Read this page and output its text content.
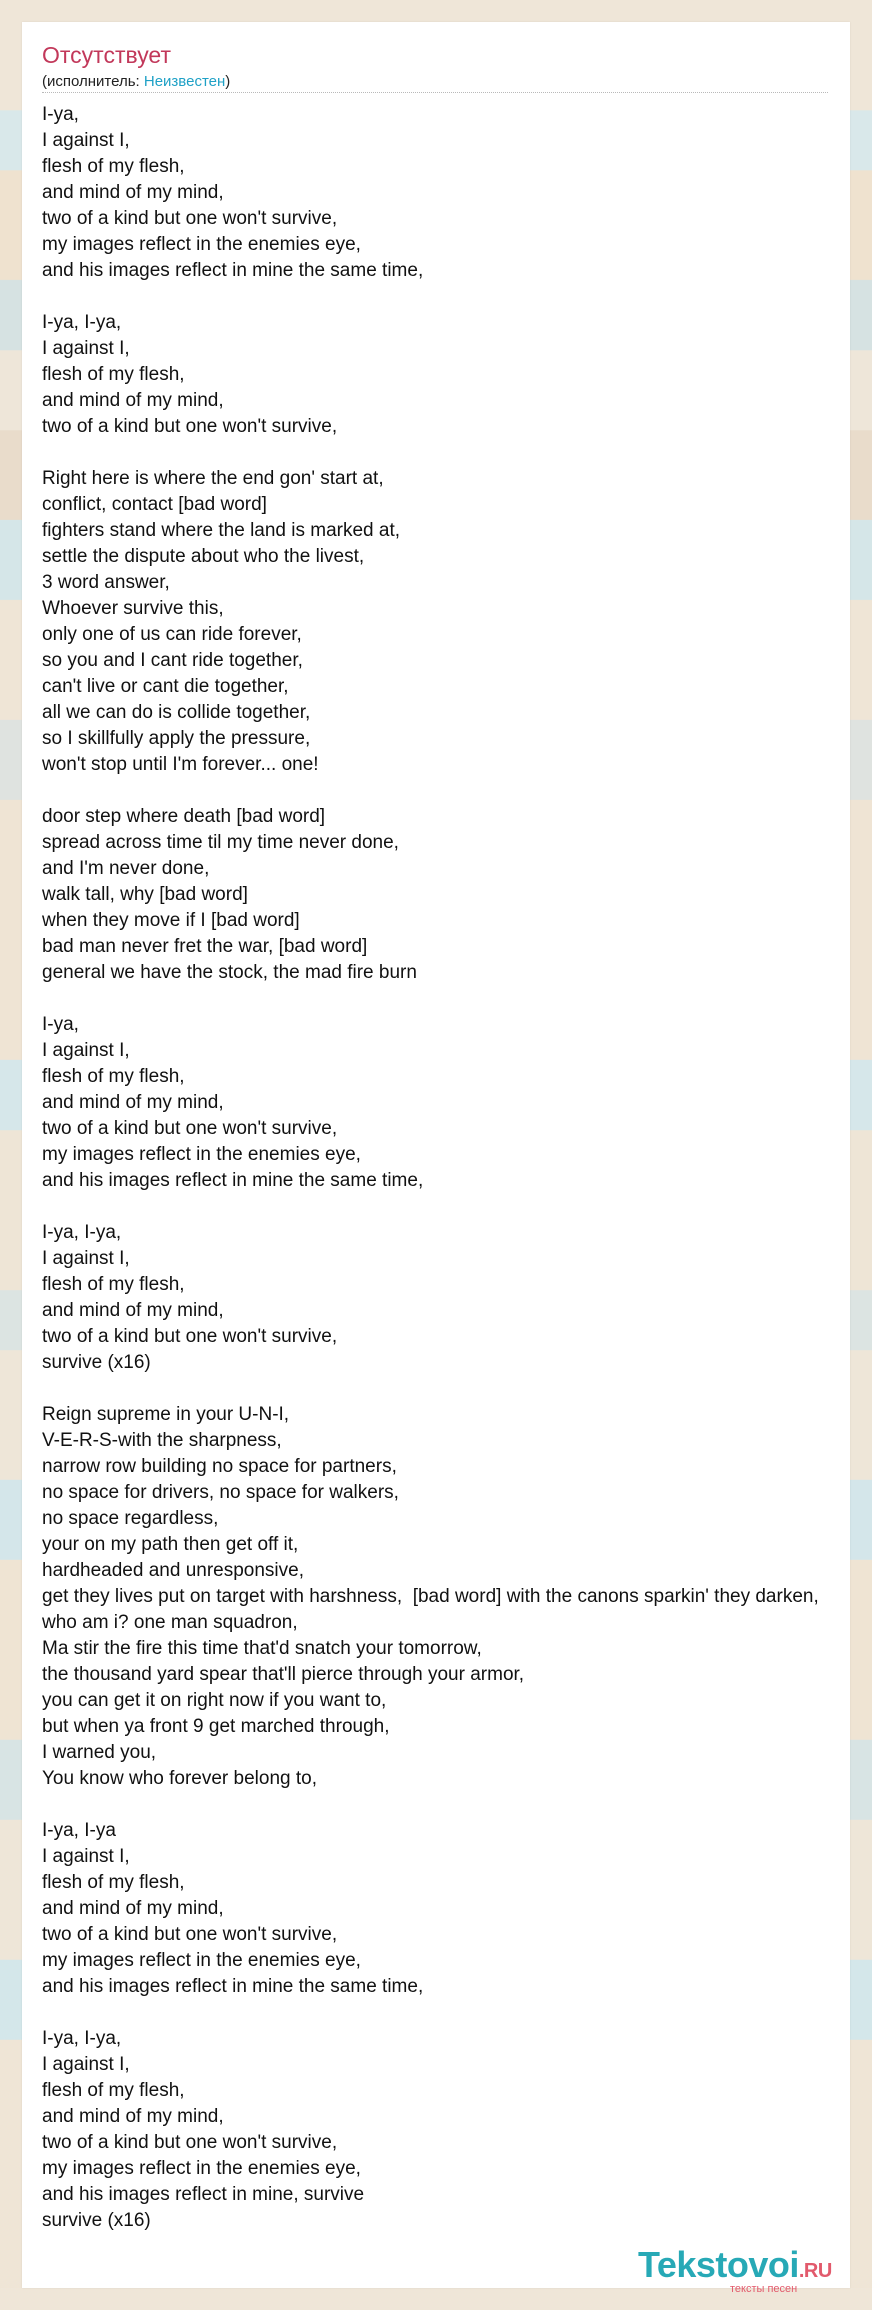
Отсутствует
(исполнитель: Неизвестен)
I-ya,
I against I,
flesh of my flesh,
and mind of my mind,
two of a kind but one won't survive,
my images reflect in the enemies eye,
and his images reflect in mine the same time,

I-ya, I-ya,
I against I,
flesh of my flesh,
and mind of my mind,
two of a kind but one won't survive,

Right here is where the end gon' start at,
conflict, contact [bad word]
fighters stand where the land is marked at,
settle the dispute about who the livest,
3 word answer,
Whoever survive this,
only one of us can ride forever,
so you and I cant ride together,
can't live or cant die together,
all we can do is collide together,
so I skillfully apply the pressure,
won't stop until I'm forever... one!

door step where death [bad word]
spread across time til my time never done,
and I'm never done,
walk tall, why [bad word]
when they move if I [bad word]
bad man never fret the war, [bad word]
general we have the stock, the mad fire burn

I-ya,
I against I,
flesh of my flesh,
and mind of my mind,
two of a kind but one won't survive,
my images reflect in the enemies eye,
and his images reflect in mine the same time,

I-ya, I-ya,
I against I,
flesh of my flesh,
and mind of my mind,
two of a kind but one won't survive,
survive (x16)

Reign supreme in your U-N-I,
V-E-R-S-with the sharpness,
narrow row building no space for partners,
no space for drivers, no space for walkers,
no space regardless,
your on my path then get off it,
hardheaded and unresponsive,
get they lives put on target with harshness,  [bad word] with the canons sparkin' they darken,
who am i? one man squadron,
Ma stir the fire this time that'd snatch your tomorrow,
the thousand yard spear that'll pierce through your armor,
you can get it on right now if you want to,
but when ya front 9 get marched through,
I warned you,
You know who forever belong to,

I-ya, I-ya
I against I,
flesh of my flesh,
and mind of my mind,
two of a kind but one won't survive,
my images reflect in the enemies eye,
and his images reflect in mine the same time,

I-ya, I-ya,
I against I,
flesh of my flesh,
and mind of my mind,
two of a kind but one won't survive,
my images reflect in the enemies eye,
and his images reflect in mine, survive
survive (x16)
Tekstovoi.RU
тексты песен
